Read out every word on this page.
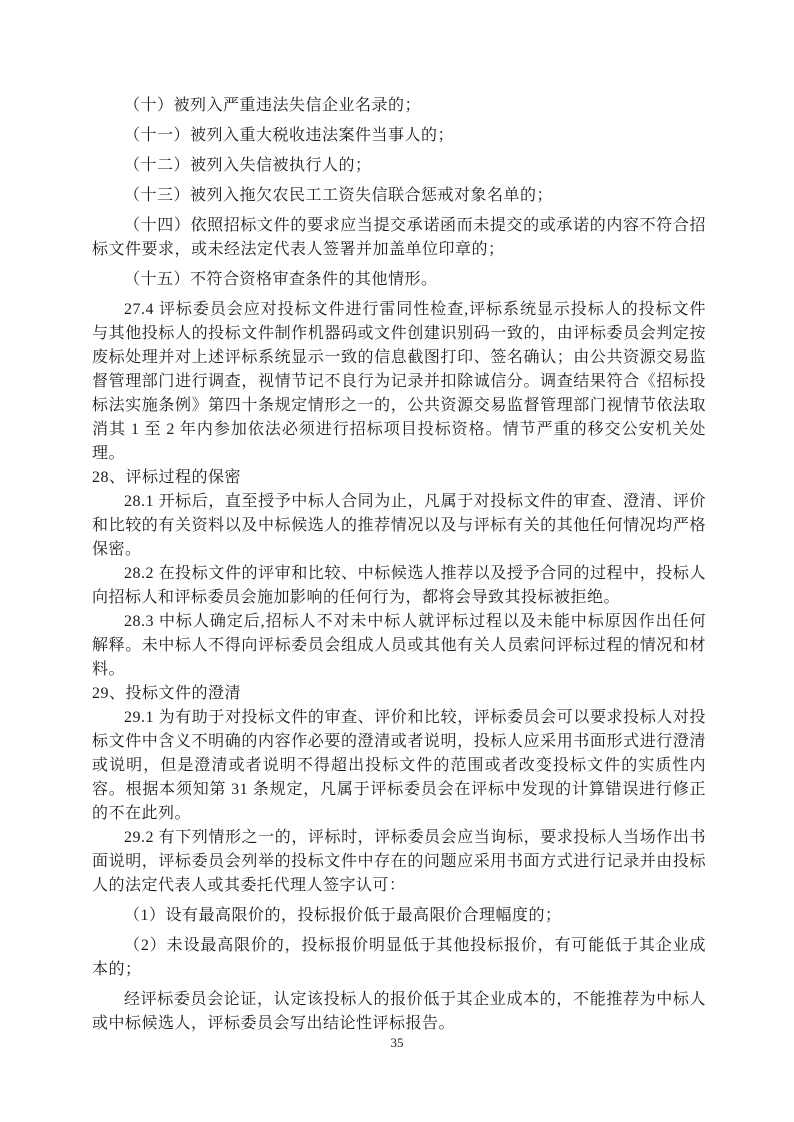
（十）被列入严重违法失信企业名录的；

（十一）被列入重大税收违法案件当事人的；

（十二）被列入失信被执行人的；

（十三）被列入拖欠农民工工资失信联合惩戒对象名单的；

（十四）依照招标文件的要求应当提交承诺函而未提交的或承诺的内容不符合招标文件要求，或未经法定代表人签署并加盖单位印章的；

（十五）不符合资格审查条件的其他情形。

27.4 评标委员会应对投标文件进行雷同性检查,评标系统显示投标人的投标文件与其他投标人的投标文件制作机器码或文件创建识别码一致的，由评标委员会判定按废标处理并对上述评标系统显示一致的信息截图打印、签名确认；由公共资源交易监督管理部门进行调查，视情节记不良行为记录并扣除诚信分。调查结果符合《招标投标法实施条例》第四十条规定情形之一的，公共资源交易监督管理部门视情节依法取消其 1 至 2 年内参加依法必须进行招标项目投标资格。情节严重的移交公安机关处理。

28、评标过程的保密

28.1 开标后，直至授予中标人合同为止，凡属于对投标文件的审查、澄清、评价和比较的有关资料以及中标候选人的推荐情况以及与评标有关的其他任何情况均严格保密。

28.2 在投标文件的评审和比较、中标候选人推荐以及授予合同的过程中，投标人向招标人和评标委员会施加影响的任何行为，都将会导致其投标被拒绝。

28.3 中标人确定后,招标人不对未中标人就评标过程以及未能中标原因作出任何解释。未中标人不得向评标委员会组成人员或其他有关人员索问评标过程的情况和材料。

29、投标文件的澄清

29.1 为有助于对投标文件的审查、评价和比较，评标委员会可以要求投标人对投标文件中含义不明确的内容作必要的澄清或者说明，投标人应采用书面形式进行澄清或说明，但是澄清或者说明不得超出投标文件的范围或者改变投标文件的实质性内容。根据本须知第 31 条规定，凡属于评标委员会在评标中发现的计算错误进行修正的不在此列。

29.2 有下列情形之一的，评标时，评标委员会应当询标，要求投标人当场作出书面说明，评标委员会列举的投标文件中存在的问题应采用书面方式进行记录并由投标人的法定代表人或其委托代理人签字认可：

（1）设有最高限价的，投标报价低于最高限价合理幅度的；

（2）未设最高限价的，投标报价明显低于其他投标报价，有可能低于其企业成本的；

经评标委员会论证，认定该投标人的报价低于其企业成本的，不能推荐为中标人或中标候选人，评标委员会写出结论性评标报告。

35
